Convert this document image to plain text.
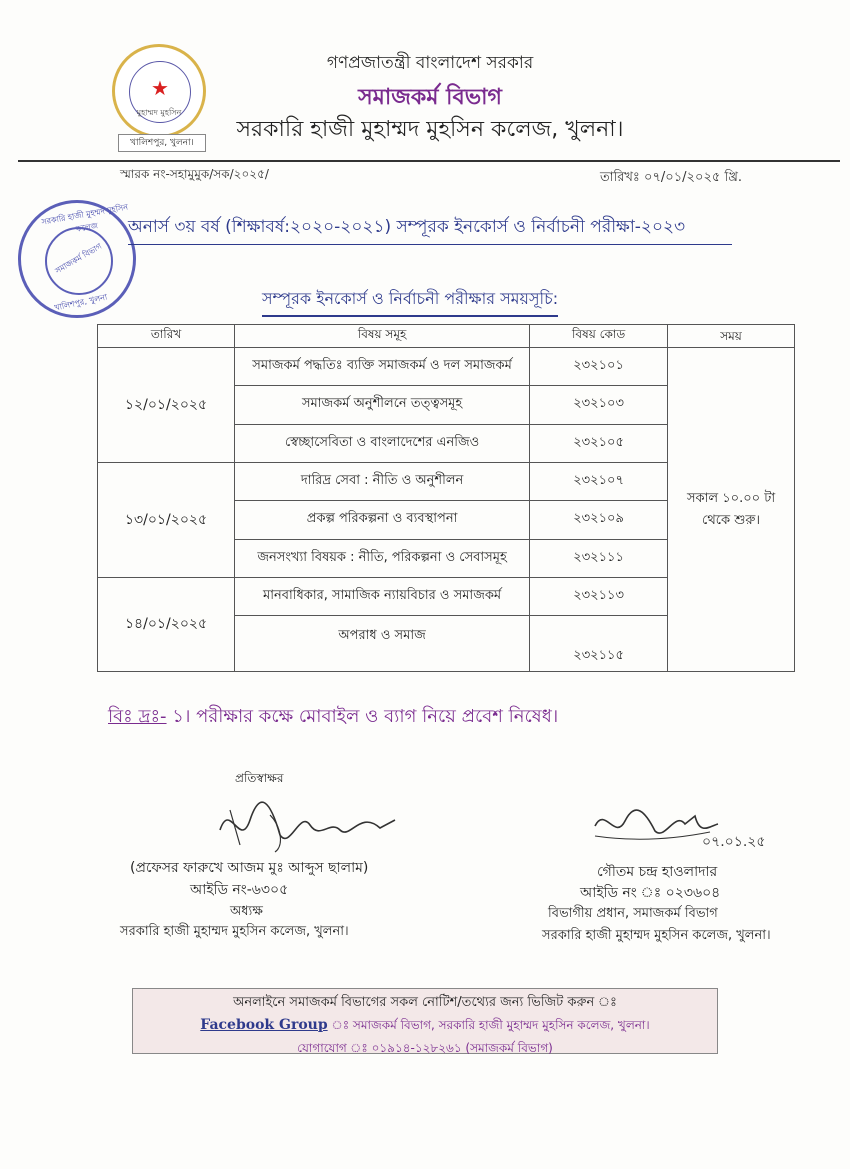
★
মুহাম্মদ মুহসিন
খালিশপুর, খুলনা।
গণপ্রজাতন্ত্রী বাংলাদেশ সরকার
সমাজকর্ম বিভাগ
সরকারি হাজী মুহাম্মদ মুহসিন কলেজ, খুলনা।
স্মারক নং-সহামুমুক/সক/২০২৫/	তারিখঃ ০৭/০১/২০২৫ খ্রি.
সরকারি হাজী মুহম্মদ মুহসিন কলেজ
সমাজকর্ম বিভাগ
খালিশপুর, খুলনা
অনার্স ৩য় বর্ষ (শিক্ষাবর্ষ:২০২০-২০২১) সম্পূরক ইনকোর্স ও নির্বাচনী পরীক্ষা-২০২৩
সম্পূরক ইনকোর্স ও নির্বাচনী পরীক্ষার সময়সূচি:
তারিখ	বিষয় সমূহ	বিষয় কোড	সময়
১২/০১/২০২৫	সমাজকর্ম পদ্ধতিঃ ব্যক্তি সমাজকর্ম ও দল সমাজকর্ম	২৩২১০১	সকাল ১০.০০ টা থেকে শুরু।
	সমাজকর্ম অনুশীলনে তত্ত্বসমূহ	২৩২১০৩	
	স্বেচ্ছাসেবিতা ও বাংলাদেশের এনজিও	২৩২১০৫	
১৩/০১/২০২৫	দারিদ্র সেবা : নীতি ও অনুশীলন	২৩২১০৭	
	প্রকল্প পরিকল্পনা ও ব্যবস্থাপনা	২৩২১০৯	
	জনসংখ্যা বিষয়ক : নীতি, পরিকল্পনা ও সেবাসমূহ	২৩২১১১	
১৪/০১/২০২৫	মানবাধিকার, সামাজিক ন্যায়বিচার ও সমাজকর্ম	২৩২১১৩	
	অপরাধ ও সমাজ	২৩২১১৫	
বিঃ দ্রঃ- ১। পরীক্ষার কক্ষে মোবাইল ও ব্যাগ নিয়ে প্রবেশ নিষেধ।
প্রতিস্বাক্ষর
০৭.০১.২৫
(প্রফেসর ফারুখে আজম মুঃ আব্দুস ছালাম)
আইডি নং-৬৩০৫
অধ্যক্ষ
সরকারি হাজী মুহাম্মদ মুহসিন কলেজ, খুলনা।
গৌতম চন্দ্র হাওলাদার
আইডি নং ঃ ০২৩৬০৪
বিভাগীয় প্রধান, সমাজকর্ম বিভাগ
সরকারি হাজী মুহাম্মদ মুহসিন কলেজ, খুলনা।
অনলাইনে সমাজকর্ম বিভাগের সকল নোটিশ/তথ্যের জন্য ভিজিট করুন ঃ
Facebook Group ঃ সমাজকর্ম বিভাগ, সরকারি হাজী মুহাম্মদ মুহসিন কলেজ, খুলনা।
যোগাযোগ ঃ ০১৯১৪-১২৮২৬১ (সমাজকর্ম বিভাগ)
